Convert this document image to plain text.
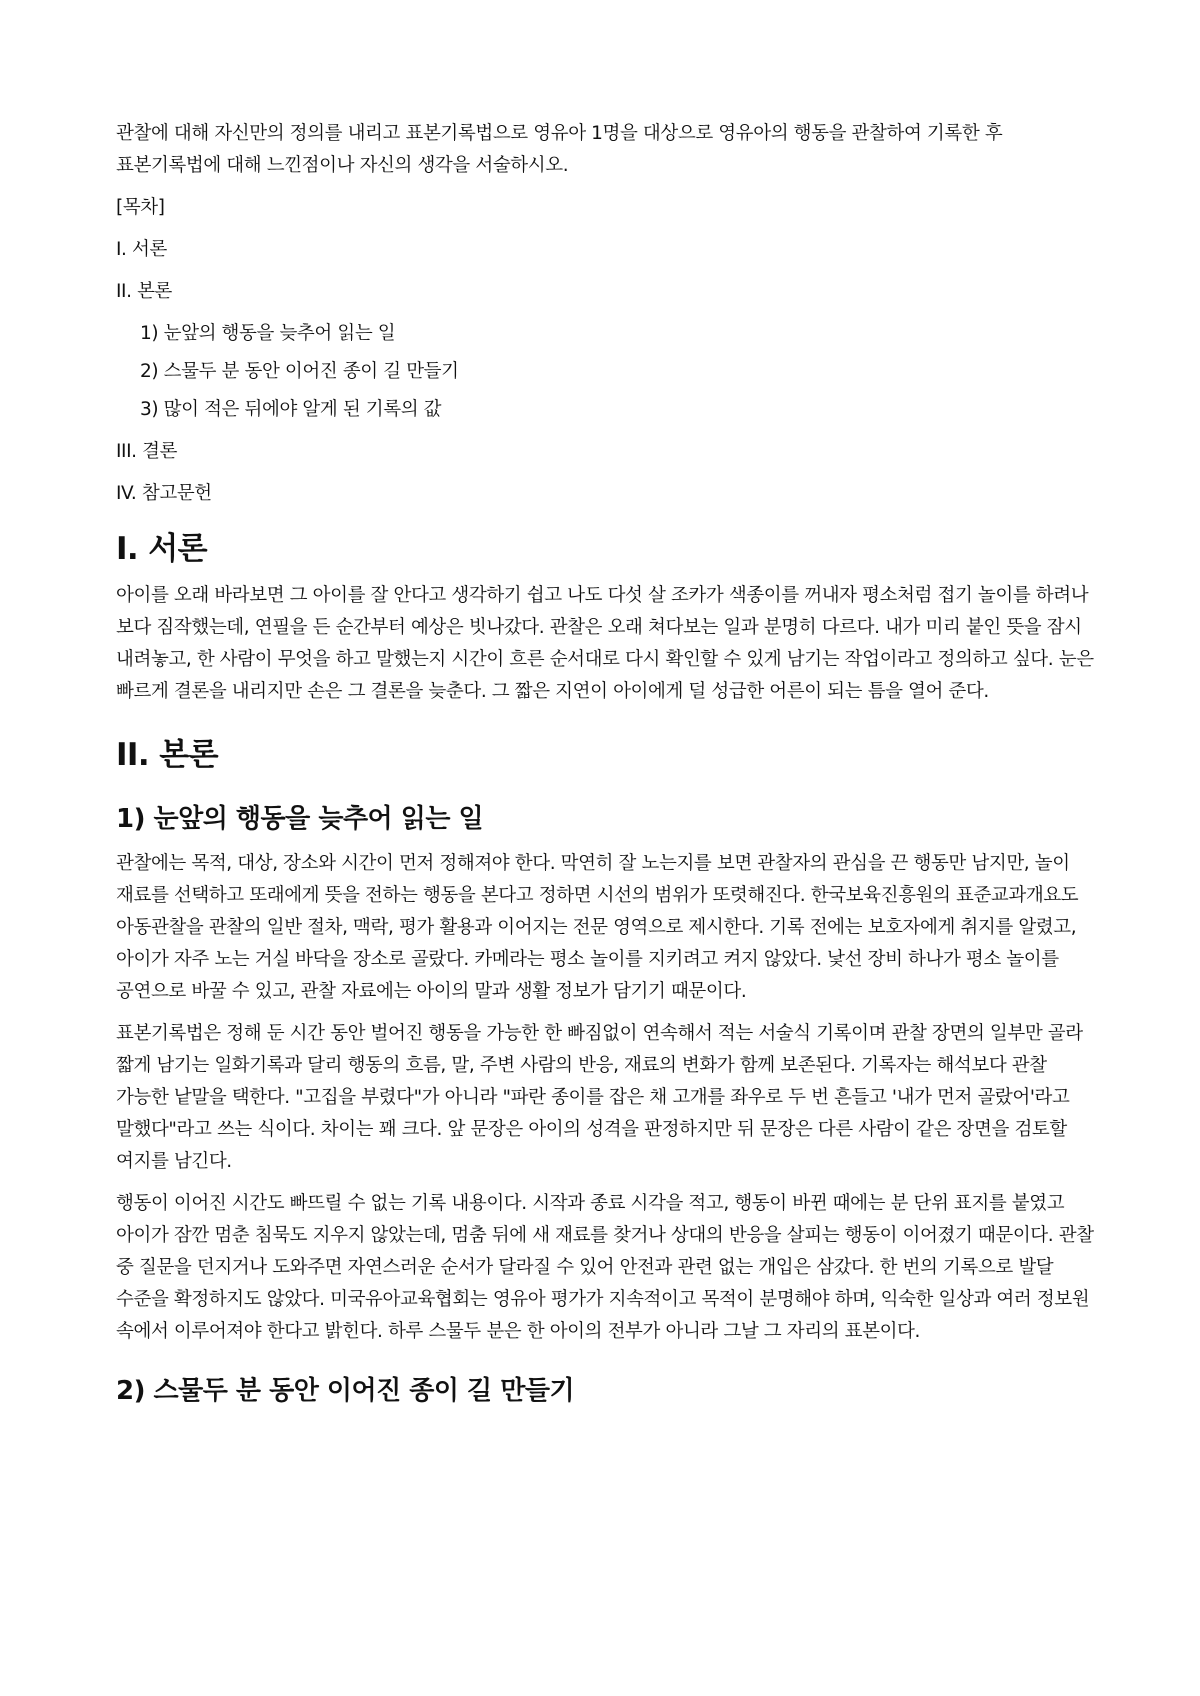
관찰에 대해 자신만의 정의를 내리고 표본기록법으로 영유아 1명을 대상으로 영유아의 행동을 관찰하여 기록한 후 표본기록법에 대해 느낀점이나 자신의 생각을 서술하시오.

[목차]

I. 서론
II. 본론
1) 눈앞의 행동을 늦추어 읽는 일
2) 스물두 분 동안 이어진 종이 길 만들기
3) 많이 적은 뒤에야 알게 된 기록의 값
III. 결론
IV. 참고문헌
I. 서론

아이를 오래 바라보면 그 아이를 잘 안다고 생각하기 쉽고 나도 다섯 살 조카가 색종이를 꺼내자 평소처럼 접기 놀이를 하려나 보다 짐작했는데, 연필을 든 순간부터 예상은 빗나갔다. 관찰은 오래 쳐다보는 일과 분명히 다르다. 내가 미리 붙인 뜻을 잠시 내려놓고, 한 사람이 무엇을 하고 말했는지 시간이 흐른 순서대로 다시 확인할 수 있게 남기는 작업이라고 정의하고 싶다. 눈은 빠르게 결론을 내리지만 손은 그 결론을 늦춘다. 그 짧은 지연이 아이에게 덜 성급한 어른이 되는 틈을 열어 준다.

II. 본론
1) 눈앞의 행동을 늦추어 읽는 일

관찰에는 목적, 대상, 장소와 시간이 먼저 정해져야 한다. 막연히 잘 노는지를 보면 관찰자의 관심을 끈 행동만 남지만, 놀이 재료를 선택하고 또래에게 뜻을 전하는 행동을 본다고 정하면 시선의 범위가 또렷해진다. 한국보육진흥원의 표준교과개요도 아동관찰을 관찰의 일반 절차, 맥락, 평가 활용과 이어지는 전문 영역으로 제시한다. 기록 전에는 보호자에게 취지를 알렸고, 아이가 자주 노는 거실 바닥을 장소로 골랐다. 카메라는 평소 놀이를 지키려고 켜지 않았다. 낯선 장비 하나가 평소 놀이를 공연으로 바꿀 수 있고, 관찰 자료에는 아이의 말과 생활 정보가 담기기 때문이다.

표본기록법은 정해 둔 시간 동안 벌어진 행동을 가능한 한 빠짐없이 연속해서 적는 서술식 기록이며 관찰 장면의 일부만 골라 짧게 남기는 일화기록과 달리 행동의 흐름, 말, 주변 사람의 반응, 재료의 변화가 함께 보존된다. 기록자는 해석보다 관찰 가능한 낱말을 택한다. "고집을 부렸다"가 아니라 "파란 종이를 잡은 채 고개를 좌우로 두 번 흔들고 '내가 먼저 골랐어'라고 말했다"라고 쓰는 식이다. 차이는 꽤 크다. 앞 문장은 아이의 성격을 판정하지만 뒤 문장은 다른 사람이 같은 장면을 검토할 여지를 남긴다.

행동이 이어진 시간도 빠뜨릴 수 없는 기록 내용이다. 시작과 종료 시각을 적고, 행동이 바뀐 때에는 분 단위 표지를 붙였고 아이가 잠깐 멈춘 침묵도 지우지 않았는데, 멈춤 뒤에 새 재료를 찾거나 상대의 반응을 살피는 행동이 이어졌기 때문이다. 관찰 중 질문을 던지거나 도와주면 자연스러운 순서가 달라질 수 있어 안전과 관련 없는 개입은 삼갔다. 한 번의 기록으로 발달 수준을 확정하지도 않았다. 미국유아교육협회는 영유아 평가가 지속적이고 목적이 분명해야 하며, 익숙한 일상과 여러 정보원 속에서 이루어져야 한다고 밝힌다. 하루 스물두 분은 한 아이의 전부가 아니라 그날 그 자리의 표본이다.

2) 스물두 분 동안 이어진 종이 길 만들기
